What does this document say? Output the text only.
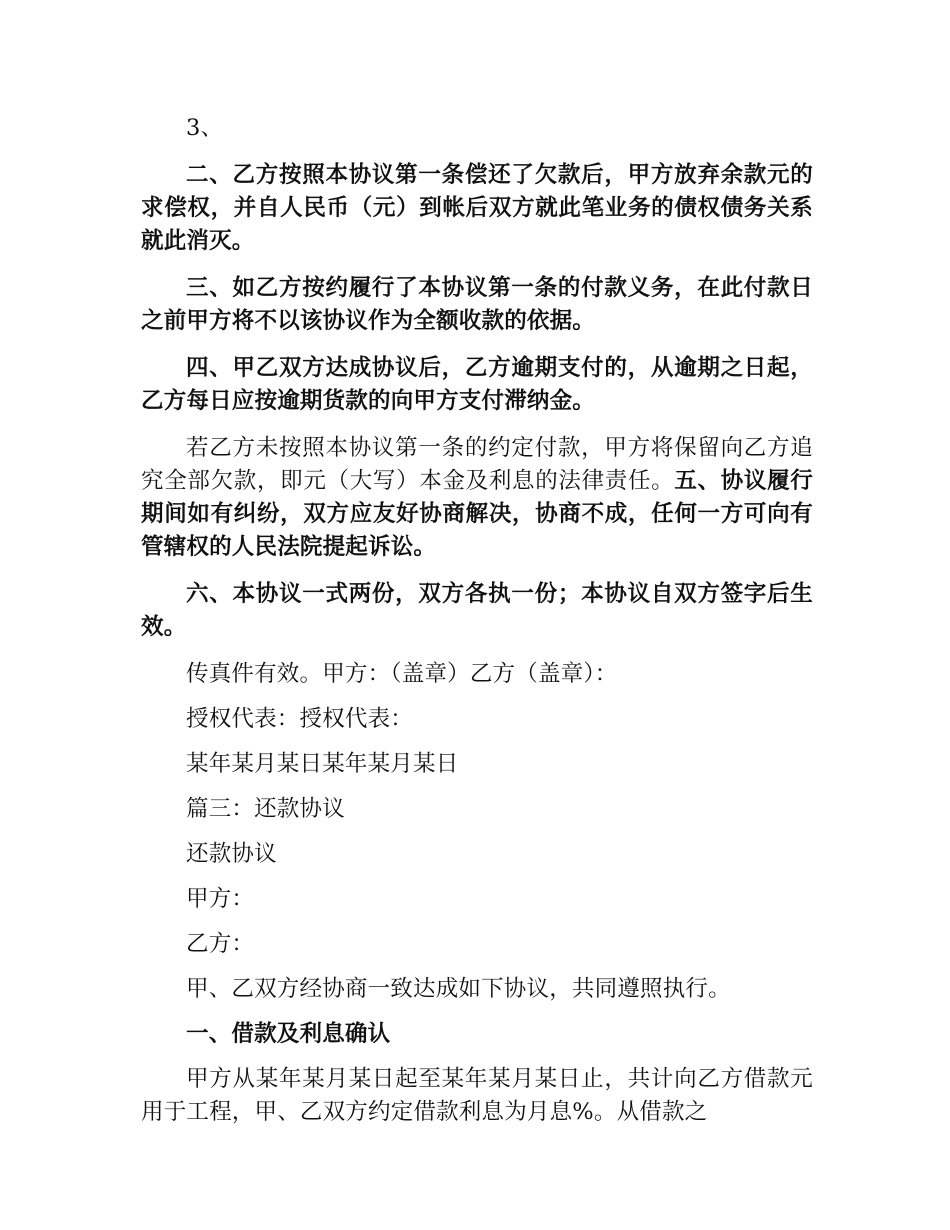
3、

二、乙方按照本协议第一条偿还了欠款后，甲方放弃余款元的求偿权，并自人民币（元）到帐后双方就此笔业务的债权债务关系就此消灭。

三、如乙方按约履行了本协议第一条的付款义务，在此付款日之前甲方将不以该协议作为全额收款的依据。

四、甲乙双方达成协议后，乙方逾期支付的，从逾期之日起，乙方每日应按逾期货款的向甲方支付滞纳金。

若乙方未按照本协议第一条的约定付款，甲方将保留向乙方追究全部欠款，即元（大写）本金及利息的法律责任。五、协议履行期间如有纠纷，双方应友好协商解决，协商不成，任何一方可向有管辖权的人民法院提起诉讼。

六、本协议一式两份，双方各执一份；本协议自双方签字后生效。

传真件有效。甲方：（盖章）乙方（盖章）：

授权代表：授权代表：

某年某月某日某年某月某日

篇三：还款协议

还款协议

甲方：

乙方：

甲、乙双方经协商一致达成如下协议，共同遵照执行。

一、借款及利息确认

甲方从某年某月某日起至某年某月某日止，共计向乙方借款元用于工程，甲、乙双方约定借款利息为月息%。从借款之
